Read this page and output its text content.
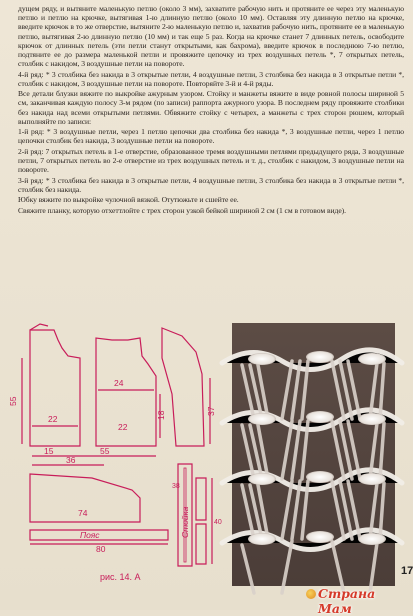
дущем ряду, и вытяните маленькую петлю (около 3 мм), захватите рабочую нить и протяните ее через эту маленькую петлю и петлю на крючке, вытягивая 1-ю длинную петлю (около 10 мм). Оставляя эту длинную петлю на крючке, введите крючок в то же отверстие, вытяните 2-ю маленькую петлю и, захватив рабочую нить, протяните ее в маленькую петлю, вытягивая 2-ю длинную петлю (10 мм) и так еще 5 раз. Когда на крючке станет 7 длинных петель, освободите крючок от длинных петель (эти петли станут открытыми, как бахрома), введите крючок в последнюю 7-ю петлю, подтяните ее до размера маленькой петли и провяжите цепочку из трех воздушных петель *, 7 открытых петель, столбик с накидом, 3 воздушные петли на повороте.

4-й ряд: * 3 столбика без накида в 3 открытые петли, 4 воздушные петли, 3 столбика без накида в 3 открытые петли *, столбик с накидом, 3 воздушные петли на повороте. Повторяйте 3-й и 4-й ряды.

Все детали блузки вяжите по выкройке ажурным узором. Стойку и манжеты вяжите в виде ровной полосы шириной 5 см, заканчивая каждую полосу 3-м рядом (по записи) раппорта ажурного узора. В последнем ряду провяжите столбики без накида над всеми открытыми петлями. Обвяжите стойку с четырех, а манжеты с трех сторон рюшем, который выполняйте по записи:

1-й ряд: * 3 воздушные петли, через 1 петлю цепочки два столбика без накида *, 3 воздушные петли, через 1 петлю цепочки столбик без накида, 3 воздушные петли на повороте.

2-й ряд: 7 открытых петель в 1-е отверстие, образованное тремя воздушными петлями предыдущего ряда, 3 воздушные петли, 7 открытых петель во 2-е отверстие из трех воздушных петель и т. д., столбик с накидом, 3 воздушные петли на повороте.

3-й ряд: * 3 столбика без накида в 3 открытые петли, 4 воздушные петли, 3 столбика без накида в 3 открытые петли *, столбик без накида.

Юбку вяжите по выкройке чулочной вязкой. Отутюжьте и сшейте ее.

Свяжите планку, которую отхеттлойте с трех сторон узкой бейкой шириной 2 см (1 см в готовом виде).

55
22
24
18	37
22
15	55
36
74
80
Пояс	Стойка
38
40
рис. 14. А	17
Страна Мам
